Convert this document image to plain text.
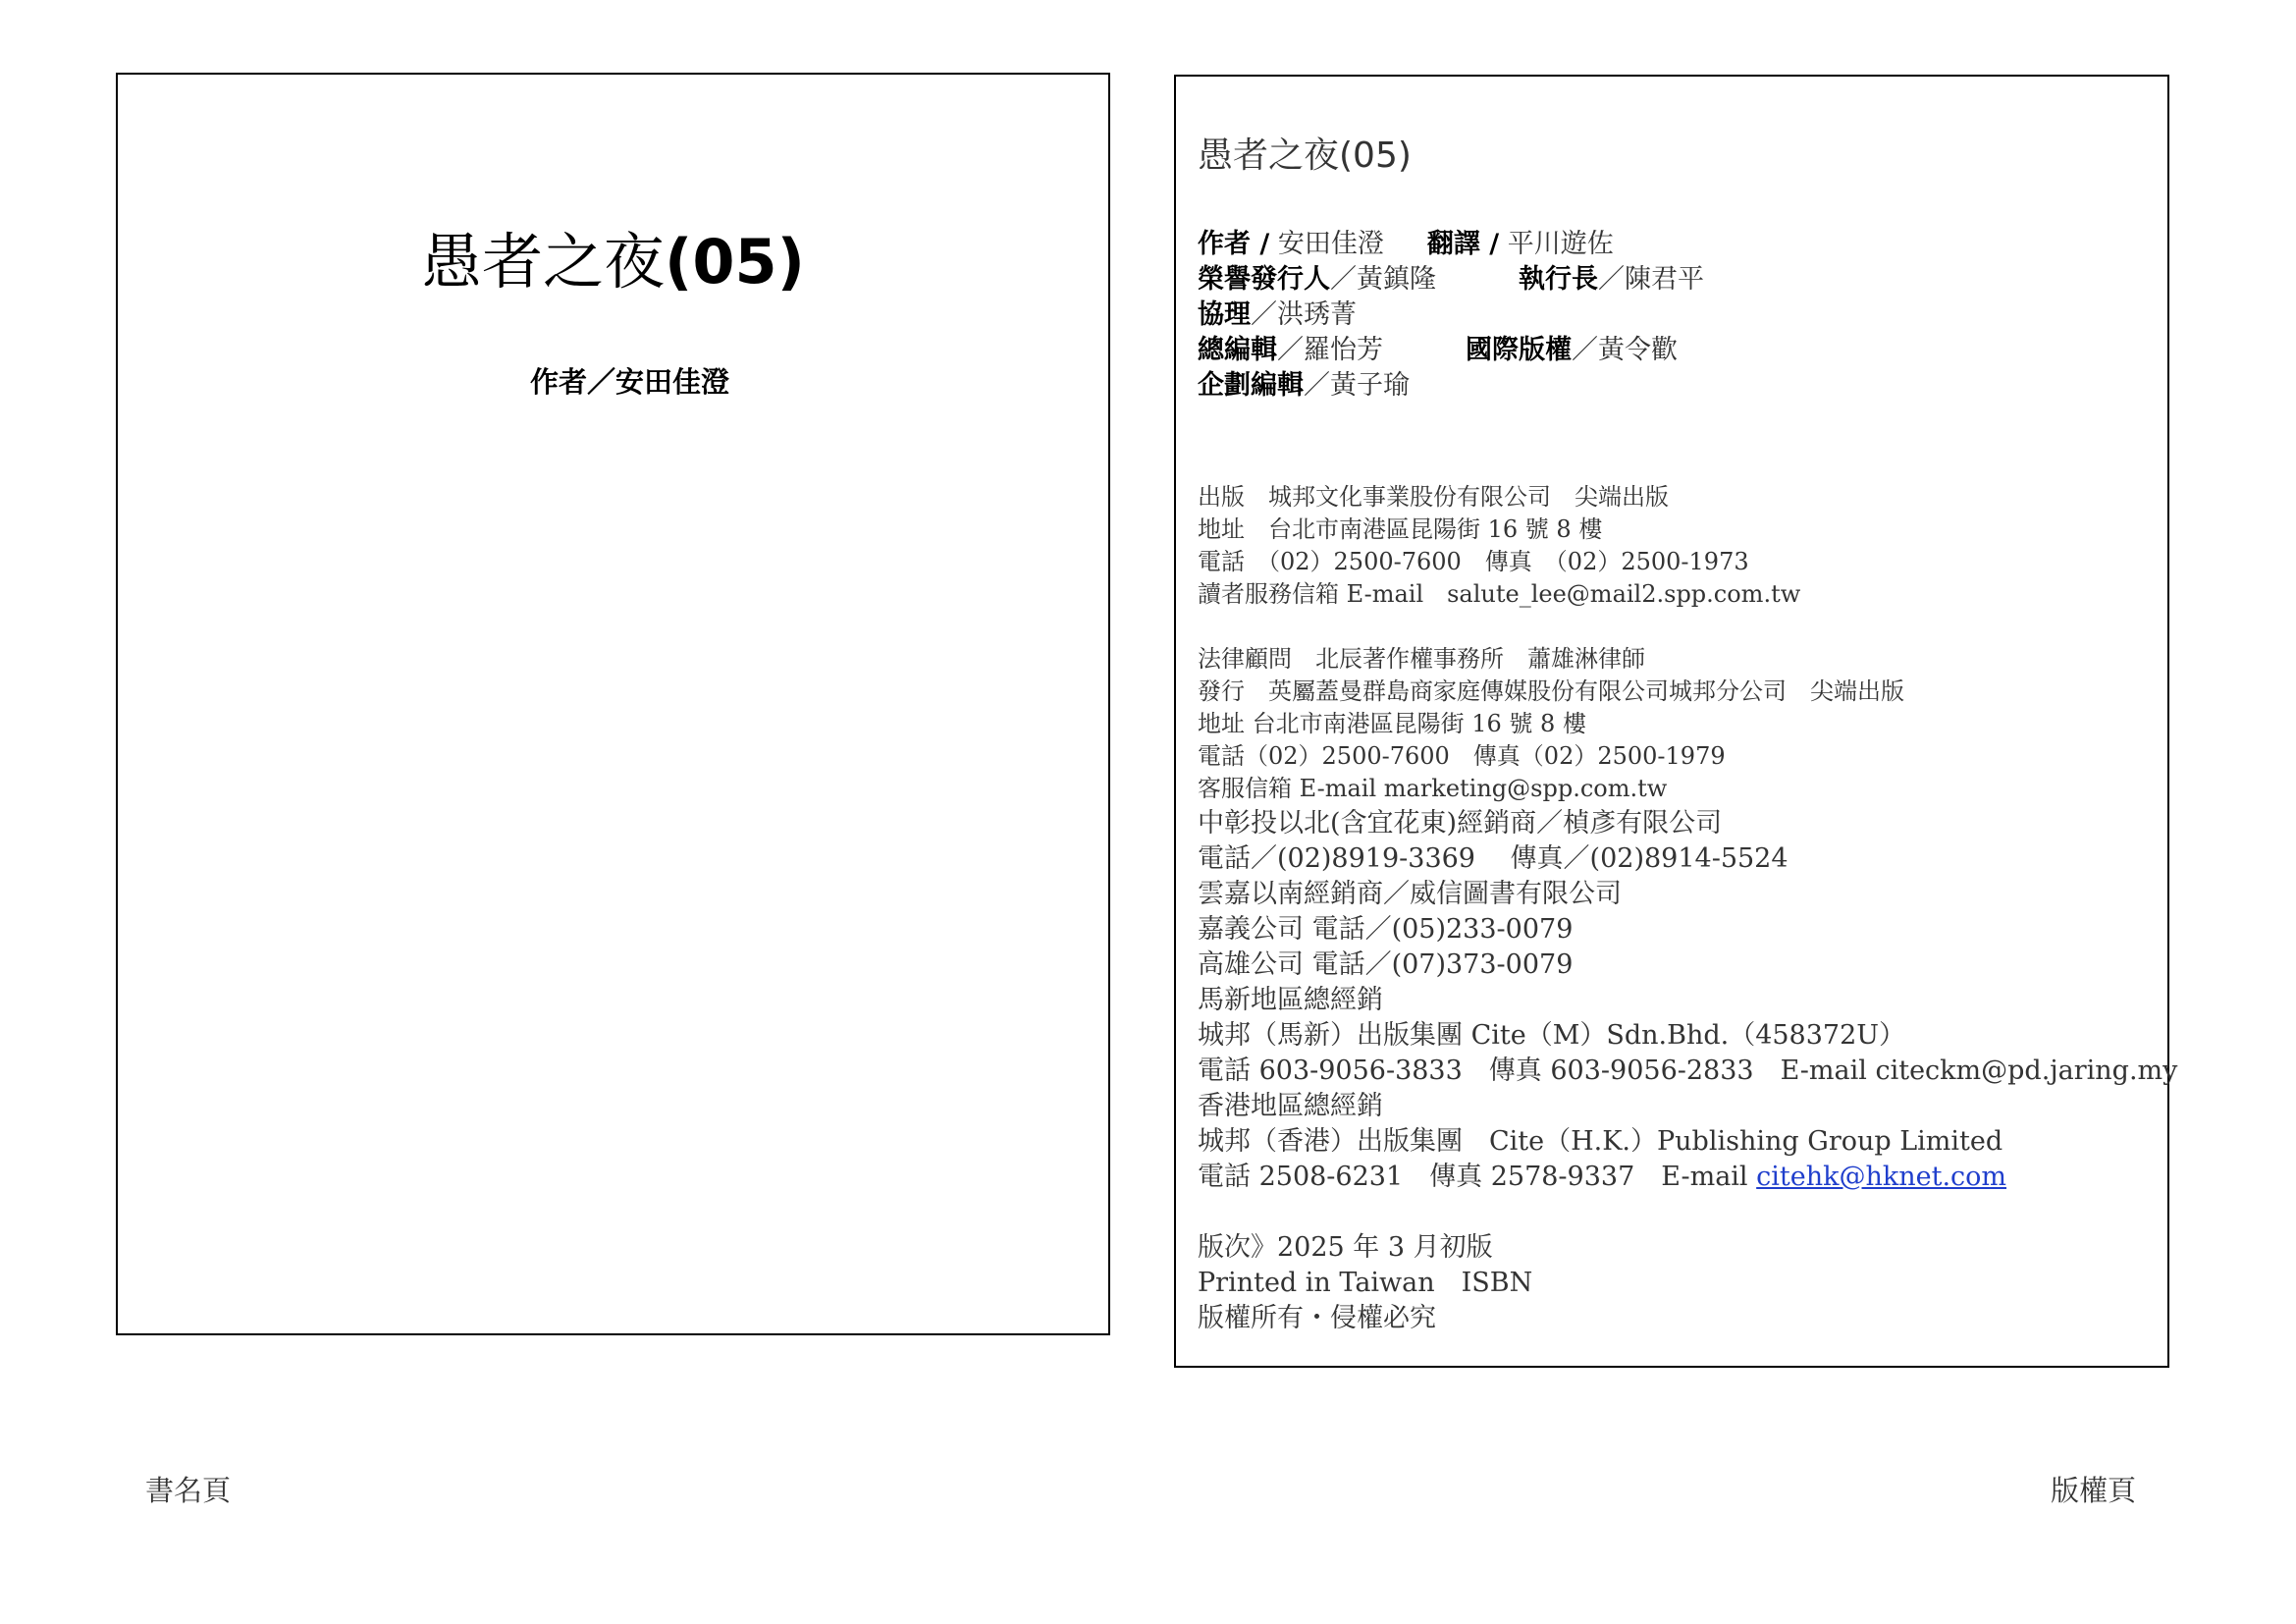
愚者之夜(05)
作者／安田佳澄
愚者之夜(05)
作者 / 安田佳澄 翻譯 / 平川遊佐
榮譽發行人／黃鎮隆	執行長／陳君平
協理／洪琇菁
總編輯／羅怡芳	國際版權／黃令歡
企劃編輯／黃子瑜
出版　城邦文化事業股份有限公司　尖端出版
地址　台北市南港區昆陽街 16 號 8 樓
電話　（02）2500-7600　傳真　（02）2500-1973
讀者服務信箱 E-mail　salute_lee@mail2.spp.com.tw
法律顧問　北辰著作權事務所　蕭雄淋律師
發行　英屬蓋曼群島商家庭傳媒股份有限公司城邦分公司　尖端出版
地址 台北市南港區昆陽街 16 號 8 樓
電話（02）2500-7600　傳真（02）2500-1979
客服信箱 E-mail marketing@spp.com.tw
中彰投以北(含宜花東)經銷商／楨彥有限公司
電話／(02)8919-3369　 傳真／(02)8914-5524
雲嘉以南經銷商／威信圖書有限公司
嘉義公司 電話／(05)233-0079
高雄公司 電話／(07)373-0079
馬新地區總經銷
城邦（馬新）出版集團 Cite（M）Sdn.Bhd.（458372U）
電話 603-9056-3833　傳真 603-9056-2833　E-mail citeckm@pd.jaring.my
香港地區總經銷
城邦（香港）出版集團　Cite（H.K.）Publishing Group Limited
電話 2508-6231　傳真 2578-9337　E-mail citehk@hknet.com
版次》2025 年 3 月初版
Printed in Taiwan　ISBN
版權所有・侵權必究
書名頁	版權頁
